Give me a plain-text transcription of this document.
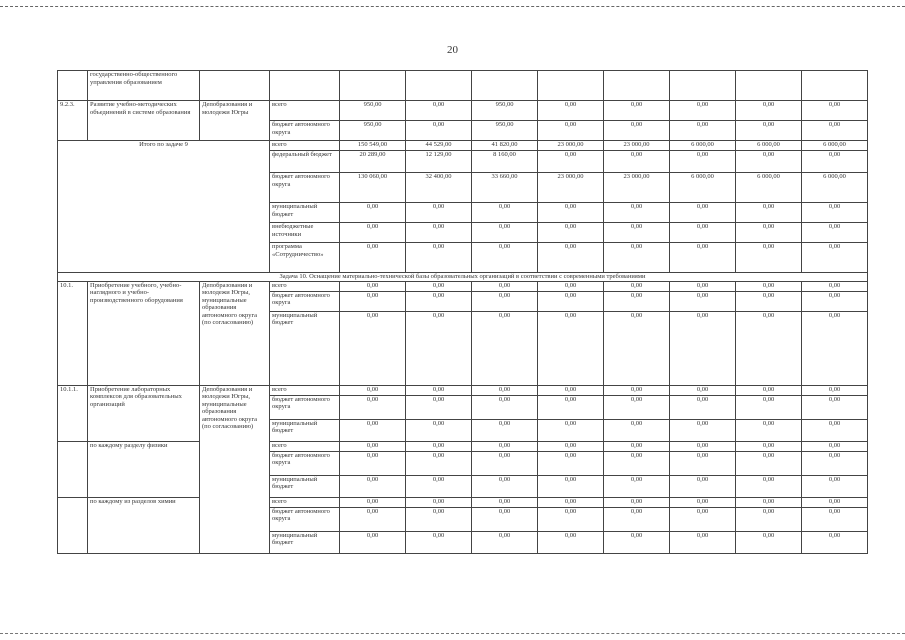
20
	государственно-общественного управления образованием										
9.2.3.	Развитие учебно-методических объединений в системе образования	Депобразования и молодежи Югры	всего	950,00	0,00	950,00	0,00	0,00	0,00	0,00	0,00
			бюджет автономного округа	950,00	0,00	950,00	0,00	0,00	0,00	0,00	0,00
Итого по задаче 9			всего	150 549,00	44 529,00	41 820,00	23 000,00	23 000,00	6 000,00	6 000,00	6 000,00
			федеральный бюджет	20 289,00	12 129,00	8 160,00	0,00	0,00	0,00	0,00	0,00
			бюджет автономного округа	130 060,00	32 400,00	33 660,00	23 000,00	23 000,00	6 000,00	6 000,00	6 000,00
			муниципальный бюджет	0,00	0,00	0,00	0,00	0,00	0,00	0,00	0,00
			внебюджетные источники	0,00	0,00	0,00	0,00	0,00	0,00	0,00	0,00
			программа «Сотрудничество»	0,00	0,00	0,00	0,00	0,00	0,00	0,00	0,00
Задача 10. Оснащение материально-технической базы образовательных организаций в соответствии с современными требованиями											
10.1.	Приобретение учебного, учебно-наглядного и учебно-производственного оборудования	Депобразования и молодежи Югры, муниципальные образования автономного округа (по согласованию)	всего	0,00	0,00	0,00	0,00	0,00	0,00	0,00	0,00
			бюджет автономного округа	0,00	0,00	0,00	0,00	0,00	0,00	0,00	0,00
			муниципальный бюджет	0,00	0,00	0,00	0,00	0,00	0,00	0,00	0,00
10.1.1.	Приобретение лабораторных комплексов для образовательных организаций	Депобразования и молодежи Югры, муниципальные образования автономного округа (по согласованию)	всего	0,00	0,00	0,00	0,00	0,00	0,00	0,00	0,00
			бюджет автономного округа	0,00	0,00	0,00	0,00	0,00	0,00	0,00	0,00
			муниципальный бюджет	0,00	0,00	0,00	0,00	0,00	0,00	0,00	0,00
	по каждому разделу физики		всего	0,00	0,00	0,00	0,00	0,00	0,00	0,00	0,00
			бюджет автономного округа	0,00	0,00	0,00	0,00	0,00	0,00	0,00	0,00
			муниципальный бюджет	0,00	0,00	0,00	0,00	0,00	0,00	0,00	0,00
	по каждому из разделов химии		всего	0,00	0,00	0,00	0,00	0,00	0,00	0,00	0,00
			бюджет автономного округа	0,00	0,00	0,00	0,00	0,00	0,00	0,00	0,00
			муниципальный бюджет	0,00	0,00	0,00	0,00	0,00	0,00	0,00	0,00
